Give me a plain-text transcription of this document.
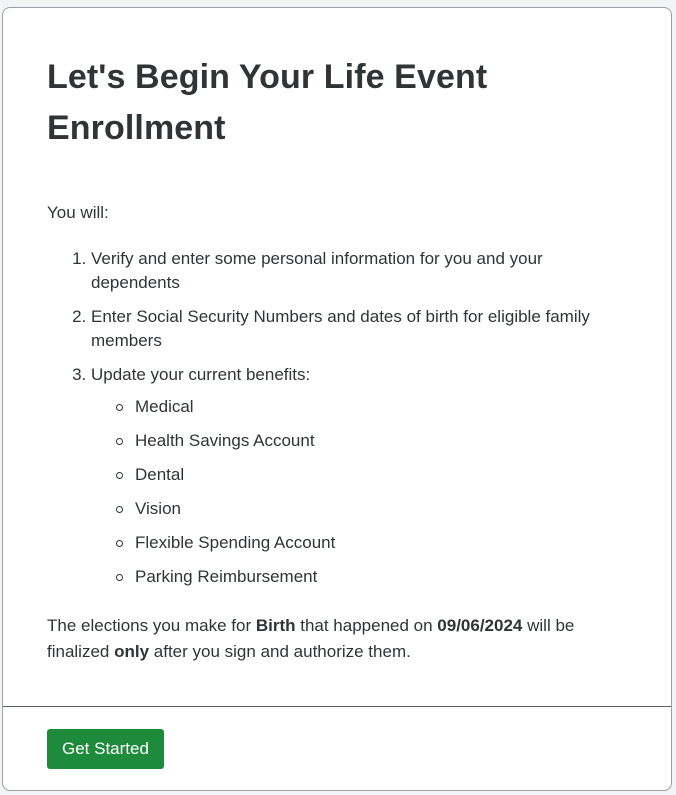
Let's Begin Your Life Event Enrollment

You will:

1. Verify and enter some personal information for you and your dependents
2. Enter Social Security Numbers and dates of birth for eligible family members
3. Update your current benefits:
Medical
Health Savings Account
Dental
Vision
Flexible Spending Account
Parking Reimbursement

The elections you make for Birth that happened on 09/06/2024 will be finalized only after you sign and authorize them.

Get Started
